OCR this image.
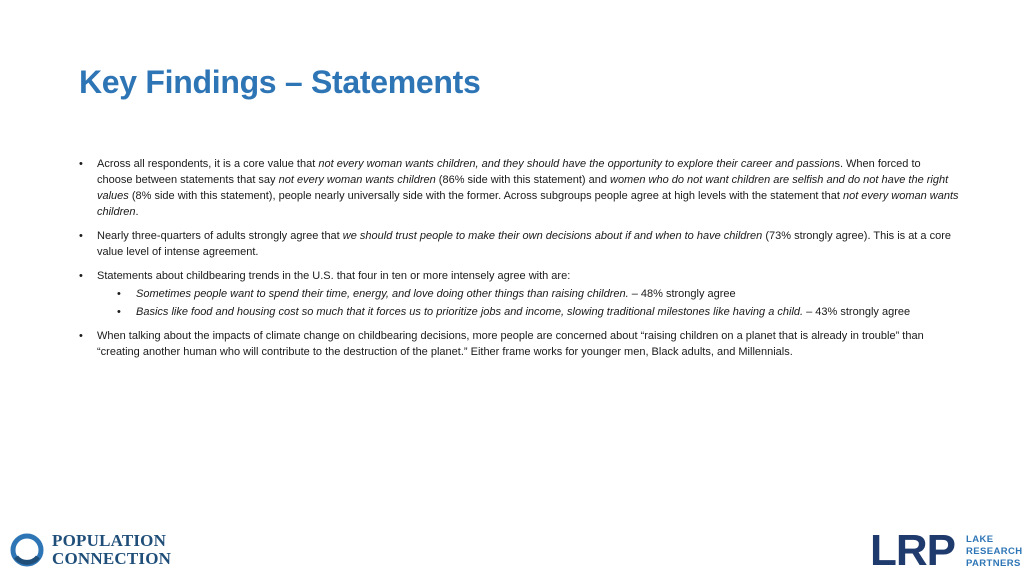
Key Findings – Statements
• Across all respondents, it is a core value that not every woman wants children, and they should have the opportunity to explore their career and passions. When forced to choose between statements that say not every woman wants children (86% side with this statement) and women who do not want children are selfish and do not have the right values (8% side with this statement), people nearly universally side with the former. Across subgroups people agree at high levels with the statement that not every woman wants children.
• Nearly three-quarters of adults strongly agree that we should trust people to make their own decisions about if and when to have children (73% strongly agree). This is at a core value level of intense agreement.
• Statements about childbearing trends in the U.S. that four in ten or more intensely agree with are:
• Sometimes people want to spend their time, energy, and love doing other things than raising children. – 48% strongly agree
• Basics like food and housing cost so much that it forces us to prioritize jobs and income, slowing traditional milestones like having a child. – 43% strongly agree
• When talking about the impacts of climate change on childbearing decisions, more people are concerned about “raising children on a planet that is already in trouble” than “creating another human who will contribute to the destruction of the planet.” Either frame works for younger men, Black adults, and Millennials.
POPULATION
CONNECTION	LRP LAKE
RESEARCH
PARTNERS
